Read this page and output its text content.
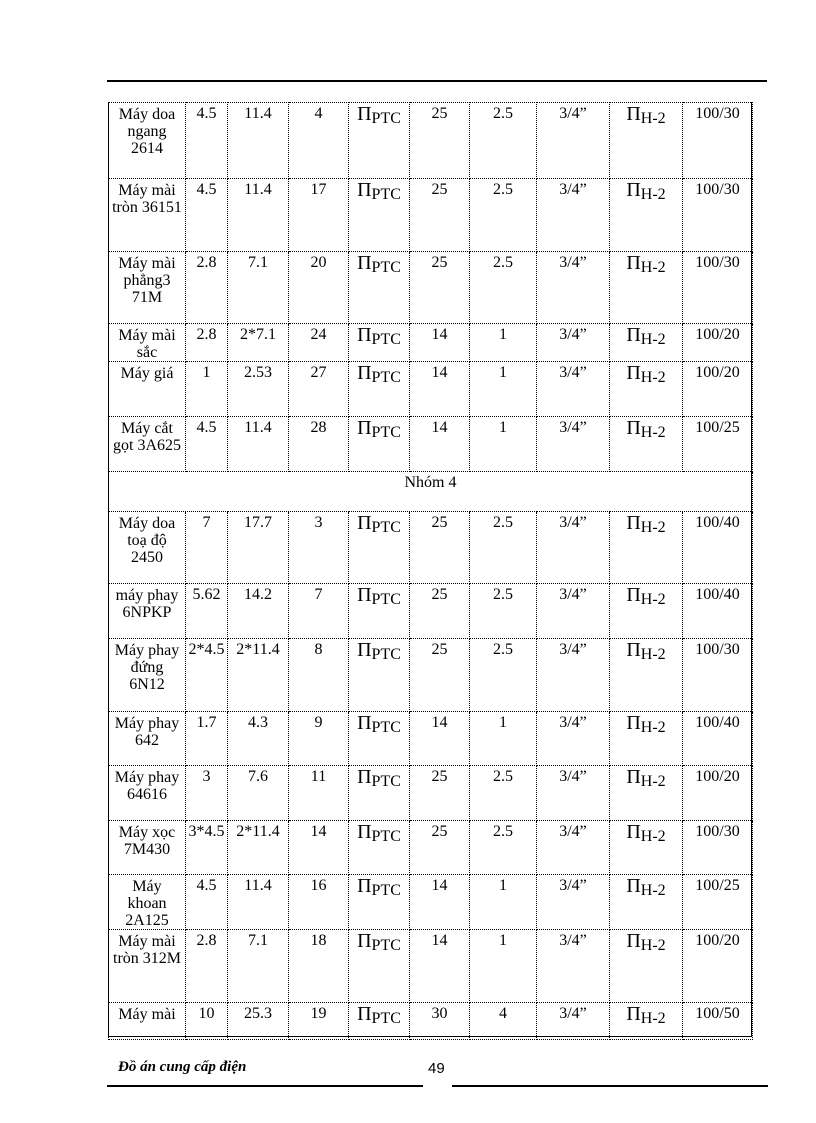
Máy doa ngang 2614	4.5	11.4	4	ΠPTC	25	2.5	3/4”	ΠH-2	100/30
Máy mài tròn 36151	4.5	11.4	17	ΠPTC	25	2.5	3/4”	ΠH-2	100/30
Máy mài phẳng3 71M	2.8	7.1	20	ΠPTC	25	2.5	3/4”	ΠH-2	100/30
Máy mài sắc	2.8	2*7.1	24	ΠPTC	14	1	3/4”	ΠH-2	100/20
Máy giá	1	2.53	27	ΠPTC	14	1	3/4”	ΠH-2	100/20
Máy cắt gọt 3A625	4.5	11.4	28	ΠPTC	14	1	3/4”	ΠH-2	100/25
Nhóm 4									
Máy doa toạ độ 2450	7	17.7	3	ΠPTC	25	2.5	3/4”	ΠH-2	100/40
máy phay 6NPKP	5.62	14.2	7	ΠPTC	25	2.5	3/4”	ΠH-2	100/40
Máy phay đứng 6N12	2*4.5	2*11.4	8	ΠPTC	25	2.5	3/4”	ΠH-2	100/30
Máy phay 642	1.7	4.3	9	ΠPTC	14	1	3/4”	ΠH-2	100/40
Máy phay 64616	3	7.6	11	ΠPTC	25	2.5	3/4”	ΠH-2	100/20
Máy xọc 7M430	3*4.5	2*11.4	14	ΠPTC	25	2.5	3/4”	ΠH-2	100/30
Máy khoan 2A125	4.5	11.4	16	ΠPTC	14	1	3/4”	ΠH-2	100/25
Máy mài tròn 312M	2.8	7.1	18	ΠPTC	14	1	3/4”	ΠH-2	100/20
Máy mài	10	25.3	19	ΠPTC	30	4	3/4”	ΠH-2	100/50
Đồ án cung cấp điện	49
